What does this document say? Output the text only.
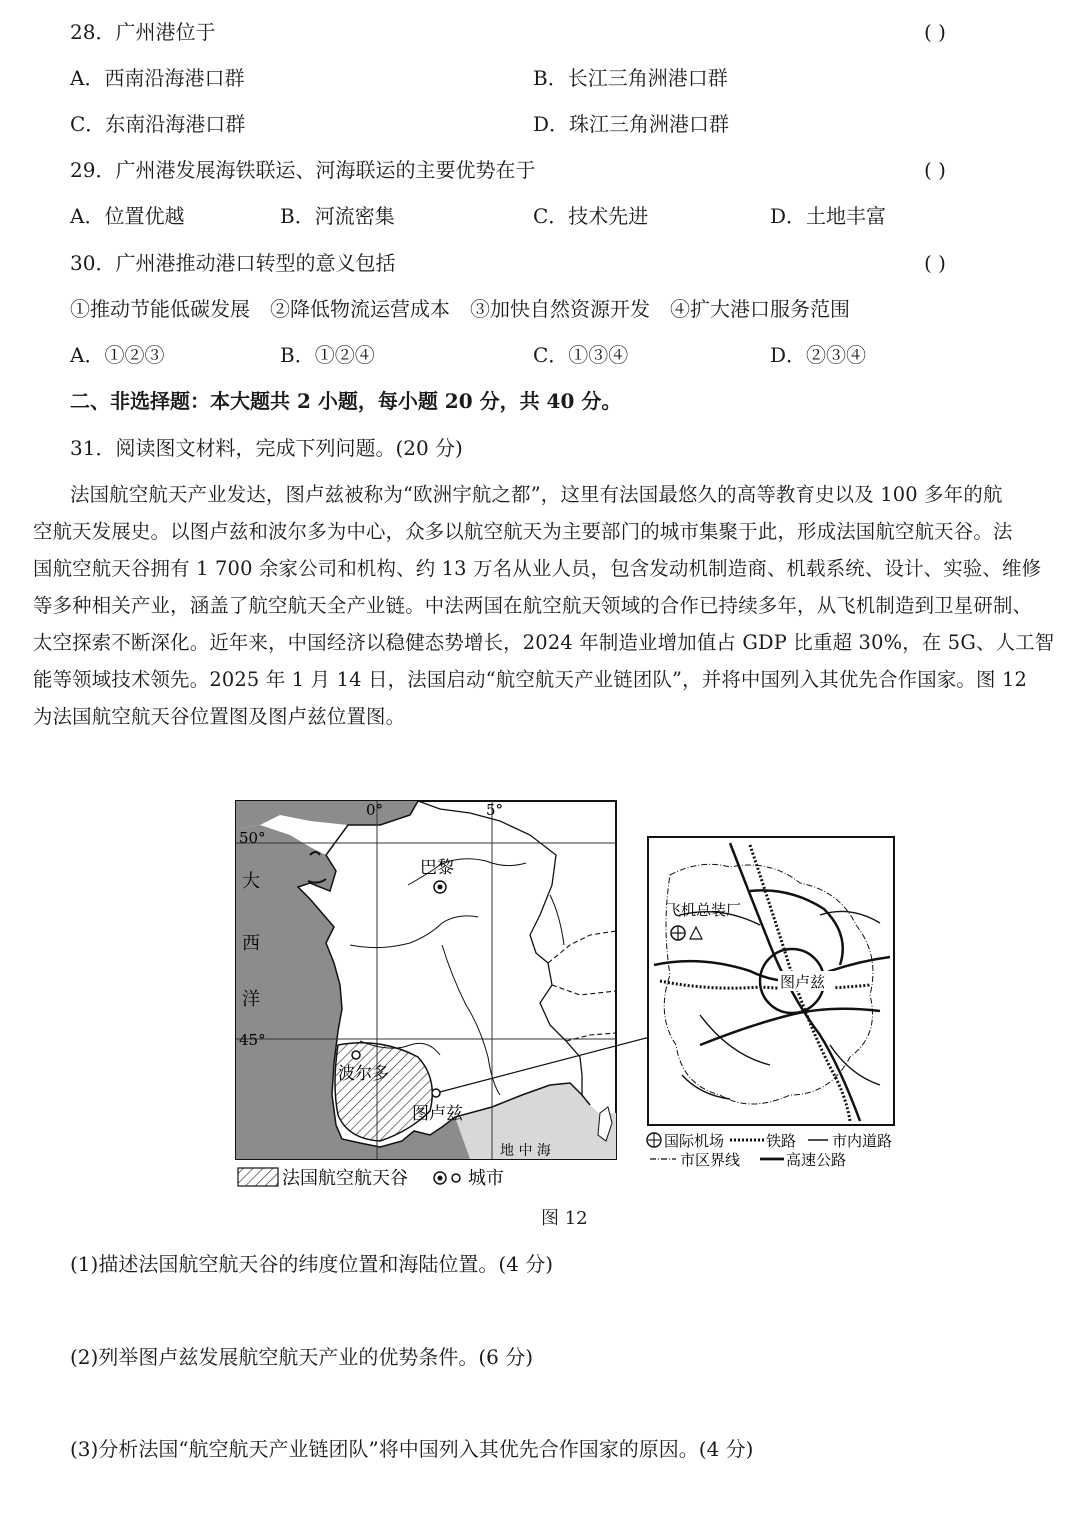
28．广州港位于	( )
A．西南沿海港口群	B．长江三角洲港口群
C．东南沿海港口群	D．珠江三角洲港口群
29．广州港发展海铁联运、河海联运的主要优势在于	( )
A．位置优越	B．河流密集	C．技术先进	D．土地丰富
30．广州港推动港口转型的意义包括	( )
①推动节能低碳发展　②降低物流运营成本　③加快自然资源开发　④扩大港口服务范围
A．①②③	B．①②④	C．①③④	D．②③④
二、非选择题：本大题共 2 小题，每小题 20 分，共 40 分。
31．阅读图文材料，完成下列问题。(20 分)
法国航空航天产业发达，图卢兹被称为“欧洲宇航之都”，这里有法国最悠久的高等教育史以及 100 多年的航
空航天发展史。以图卢兹和波尔多为中心，众多以航空航天为主要部门的城市集聚于此，形成法国航空航天谷。法
国航空航天谷拥有 1 700 余家公司和机构、约 13 万名从业人员，包含发动机制造商、机载系统、设计、实验、维修
等多种相关产业，涵盖了航空航天全产业链。中法两国在航空航天领域的合作已持续多年，从飞机制造到卫星研制、
太空探索不断深化。近年来，中国经济以稳健态势增长，2024 年制造业增加值占 GDP 比重超 30%，在 5G、人工智
能等领域技术领先。2025 年 1 月 14 日，法国启动“航空航天产业链团队”，并将中国列入其优先合作国家。图 12
为法国航空航天谷位置图及图卢兹位置图。
0°	5°
50°
45°
大
西
洋
地 中 海
巴黎
波尔多
图卢兹
法国航空航天谷	城市
飞机总装厂
图卢兹
国际机场	铁路 市内道路
市区界线	高速公路
图 12
(1)描述法国航空航天谷的纬度位置和海陆位置。(4 分)
(2)列举图卢兹发展航空航天产业的优势条件。(6 分)
(3)分析法国“航空航天产业链团队”将中国列入其优先合作国家的原因。(4 分)
